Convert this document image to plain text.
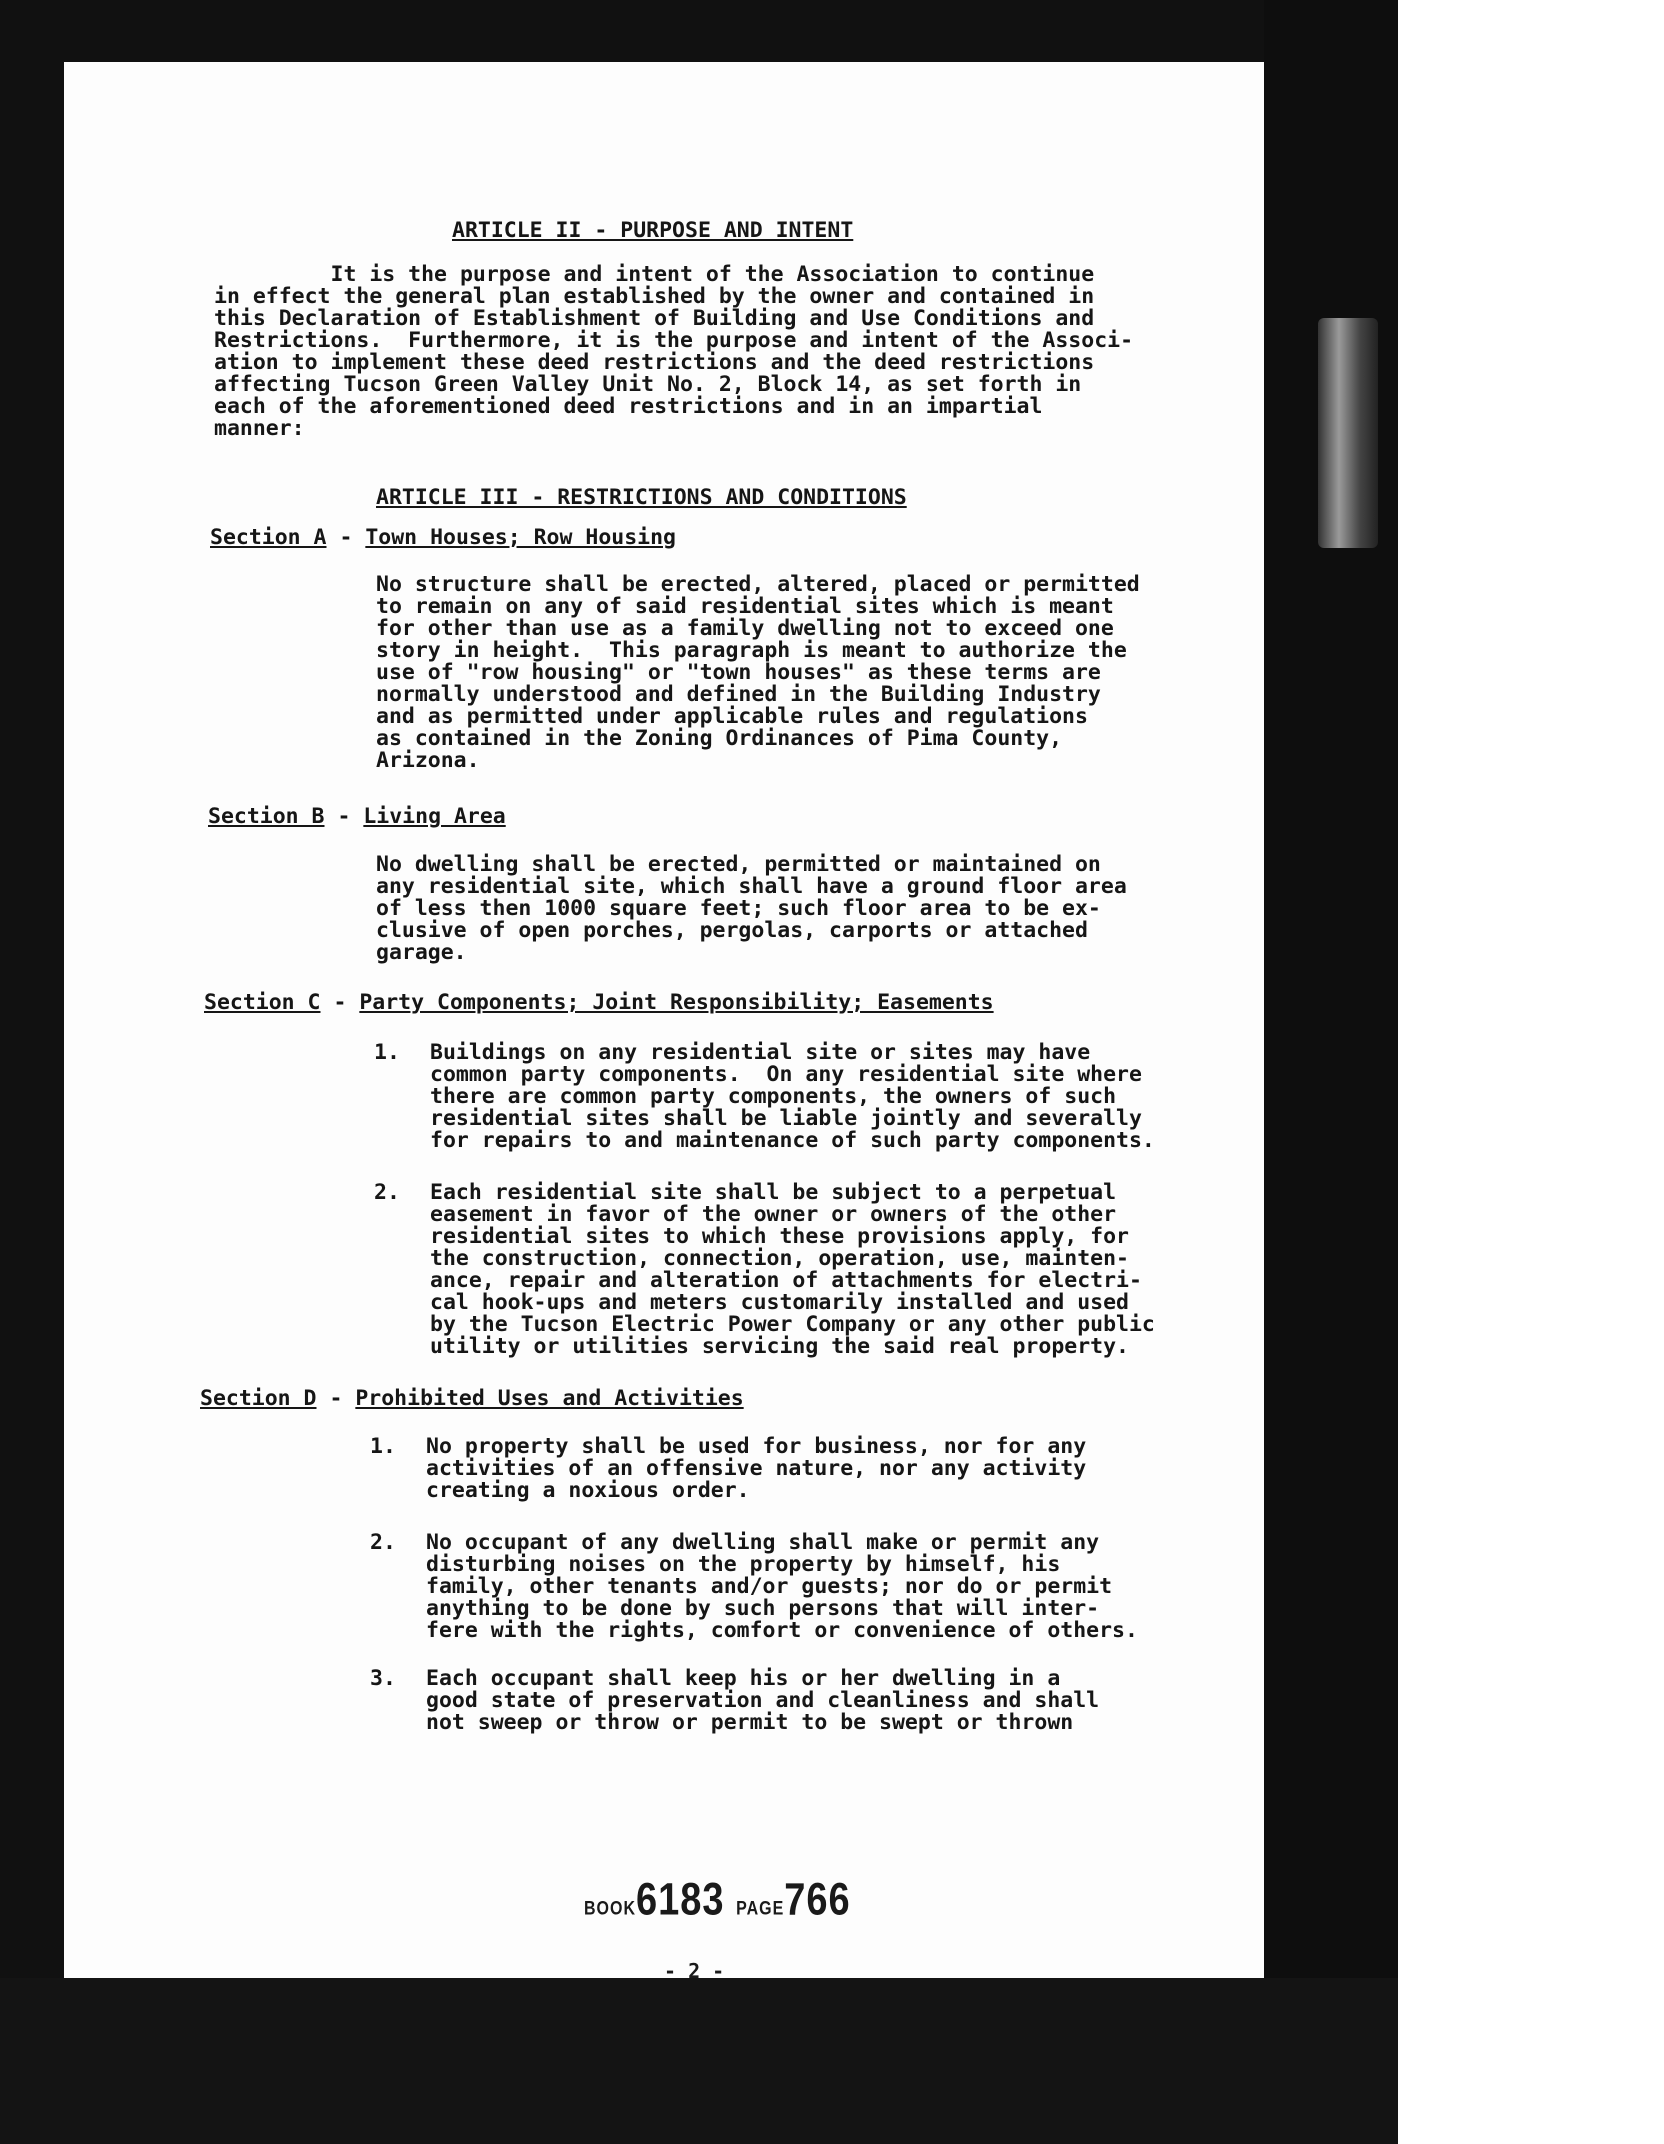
ARTICLE II - PURPOSE AND INTENT
It is the purpose and intent of the Association to continue
in effect the general plan established by the owner and contained in
this Declaration of Establishment of Building and Use Conditions and
Restrictions.  Furthermore, it is the purpose and intent of the Associ-
ation to implement these deed restrictions and the deed restrictions
affecting Tucson Green Valley Unit No. 2, Block 14, as set forth in
each of the aforementioned deed restrictions and in an impartial
manner:
ARTICLE III - RESTRICTIONS AND CONDITIONS
Section A - Town Houses; Row Housing
No structure shall be erected, altered, placed or permitted
to remain on any of said residential sites which is meant
for other than use as a family dwelling not to exceed one
story in height.  This paragraph is meant to authorize the
use of "row housing" or "town houses" as these terms are
normally understood and defined in the Building Industry
and as permitted under applicable rules and regulations
as contained in the Zoning Ordinances of Pima County,
Arizona.
Section B - Living Area
No dwelling shall be erected, permitted or maintained on
any residential site, which shall have a ground floor area
of less then 1000 square feet; such floor area to be ex-
clusive of open porches, pergolas, carports or attached
garage.
Section C - Party Components; Joint Responsibility; Easements
1. Buildings on any residential site or sites may have
common party components.  On any residential site where
there are common party components, the owners of such
residential sites shall be liable jointly and severally
for repairs to and maintenance of such party components.
2. Each residential site shall be subject to a perpetual
easement in favor of the owner or owners of the other
residential sites to which these provisions apply, for
the construction, connection, operation, use, mainten-
ance, repair and alteration of attachments for electri-
cal hook-ups and meters customarily installed and used
by the Tucson Electric Power Company or any other public
utility or utilities servicing the said real property.
Section D - Prohibited Uses and Activities
1. No property shall be used for business, nor for any
activities of an offensive nature, nor any activity
creating a noxious order.
2. No occupant of any dwelling shall make or permit any
disturbing noises on the property by himself, his
family, other tenants and/or guests; nor do or permit
anything to be done by such persons that will inter-
fere with the rights, comfort or convenience of others.
3. Each occupant shall keep his or her dwelling in a
good state of preservation and cleanliness and shall
not sweep or throw or permit to be swept or thrown
BOOK6183 PAGE766
- 2 -
